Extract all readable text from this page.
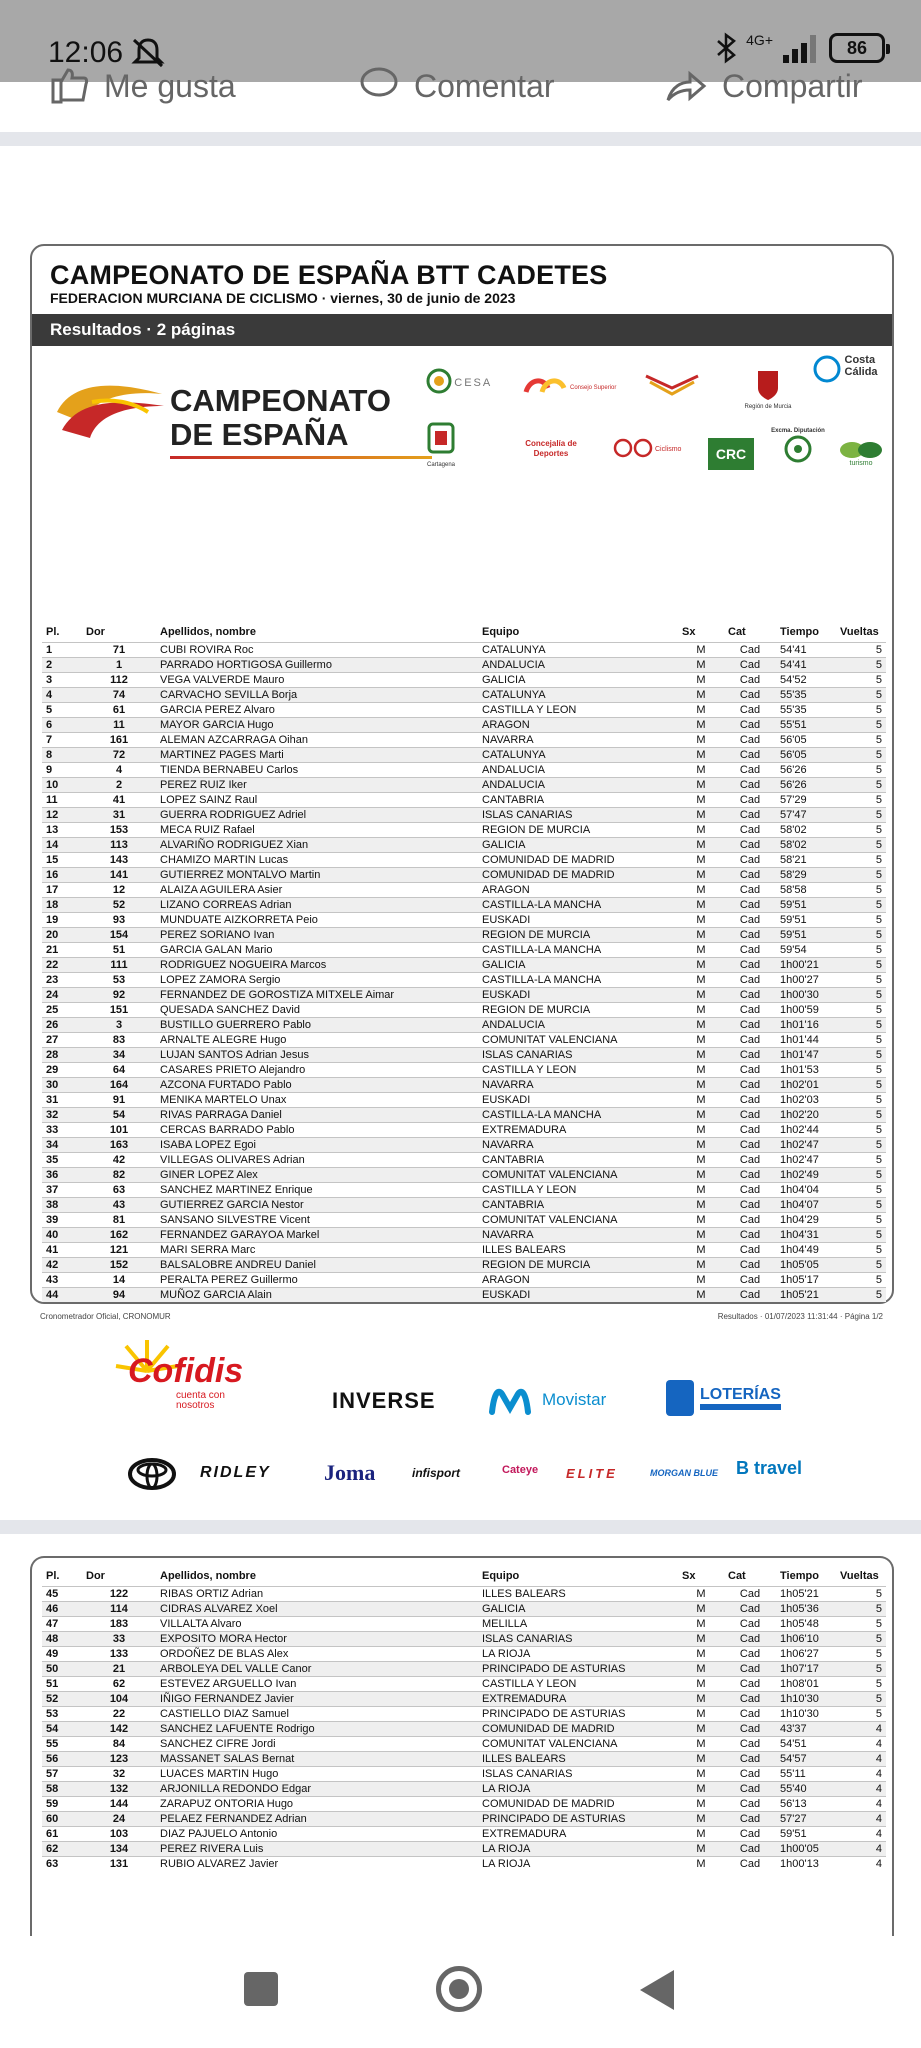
12:06	4G+	86
Me gusta	Comentar	Compartir
CAMPEONATO DE ESPAÑA BTT CADETES
FEDERACION MURCIANA DE CICLISMO · viernes, 30 de junio de 2023
Resultados · 2 páginas
CAMPEONATO
DE ESPAÑA
CESA	Consejo Superior
Región de Murcia
Costa Cálida
Cartagena
Concejalía de Deportes	Ciclismo	CRC
Excma. Diputación
turismo
Pl.	Dor	Apellidos, nombre	Equipo	Sx	Cat	Tiempo	Vueltas
1	71	CUBI ROVIRA Roc	CATALUNYA	M	Cad	54'41	5
2	1	PARRADO HORTIGOSA Guillermo	ANDALUCIA	M	Cad	54'41	5
3	112	VEGA VALVERDE Mauro	GALICIA	M	Cad	54'52	5
4	74	CARVACHO SEVILLA Borja	CATALUNYA	M	Cad	55'35	5
5	61	GARCIA PEREZ Alvaro	CASTILLA Y LEON	M	Cad	55'35	5
6	11	MAYOR GARCIA Hugo	ARAGON	M	Cad	55'51	5
7	161	ALEMAN AZCARRAGA Oihan	NAVARRA	M	Cad	56'05	5
8	72	MARTINEZ PAGES Marti	CATALUNYA	M	Cad	56'05	5
9	4	TIENDA BERNABEU Carlos	ANDALUCIA	M	Cad	56'26	5
10	2	PEREZ RUIZ Iker	ANDALUCIA	M	Cad	56'26	5
11	41	LOPEZ SAINZ Raul	CANTABRIA	M	Cad	57'29	5
12	31	GUERRA RODRIGUEZ Adriel	ISLAS CANARIAS	M	Cad	57'47	5
13	153	MECA RUIZ Rafael	REGION DE MURCIA	M	Cad	58'02	5
14	113	ALVARIÑO RODRIGUEZ Xian	GALICIA	M	Cad	58'02	5
15	143	CHAMIZO MARTIN Lucas	COMUNIDAD DE MADRID	M	Cad	58'21	5
16	141	GUTIERREZ MONTALVO Martin	COMUNIDAD DE MADRID	M	Cad	58'29	5
17	12	ALAIZA AGUILERA Asier	ARAGON	M	Cad	58'58	5
18	52	LIZANO CORREAS Adrian	CASTILLA-LA MANCHA	M	Cad	59'51	5
19	93	MUNDUATE AIZKORRETA Peio	EUSKADI	M	Cad	59'51	5
20	154	PEREZ SORIANO Ivan	REGION DE MURCIA	M	Cad	59'51	5
21	51	GARCIA GALAN Mario	CASTILLA-LA MANCHA	M	Cad	59'54	5
22	111	RODRIGUEZ NOGUEIRA Marcos	GALICIA	M	Cad	1h00'21	5
23	53	LOPEZ ZAMORA Sergio	CASTILLA-LA MANCHA	M	Cad	1h00'27	5
24	92	FERNANDEZ DE GOROSTIZA MITXELE Aimar	EUSKADI	M	Cad	1h00'30	5
25	151	QUESADA SANCHEZ David	REGION DE MURCIA	M	Cad	1h00'59	5
26	3	BUSTILLO GUERRERO Pablo	ANDALUCIA	M	Cad	1h01'16	5
27	83	ARNALTE ALEGRE Hugo	COMUNITAT VALENCIANA	M	Cad	1h01'44	5
28	34	LUJAN SANTOS Adrian Jesus	ISLAS CANARIAS	M	Cad	1h01'47	5
29	64	CASARES PRIETO Alejandro	CASTILLA Y LEON	M	Cad	1h01'53	5
30	164	AZCONA FURTADO Pablo	NAVARRA	M	Cad	1h02'01	5
31	91	MENIKA MARTELO Unax	EUSKADI	M	Cad	1h02'03	5
32	54	RIVAS PARRAGA Daniel	CASTILLA-LA MANCHA	M	Cad	1h02'20	5
33	101	CERCAS BARRADO Pablo	EXTREMADURA	M	Cad	1h02'44	5
34	163	ISABA LOPEZ Egoi	NAVARRA	M	Cad	1h02'47	5
35	42	VILLEGAS OLIVARES Adrian	CANTABRIA	M	Cad	1h02'47	5
36	82	GINER LOPEZ Alex	COMUNITAT VALENCIANA	M	Cad	1h02'49	5
37	63	SANCHEZ MARTINEZ Enrique	CASTILLA Y LEON	M	Cad	1h04'04	5
38	43	GUTIERREZ GARCIA Nestor	CANTABRIA	M	Cad	1h04'07	5
39	81	SANSANO SILVESTRE Vicent	COMUNITAT VALENCIANA	M	Cad	1h04'29	5
40	162	FERNANDEZ GARAYOA Markel	NAVARRA	M	Cad	1h04'31	5
41	121	MARI SERRA Marc	ILLES BALEARS	M	Cad	1h04'49	5
42	152	BALSALOBRE ANDREU Daniel	REGION DE MURCIA	M	Cad	1h05'05	5
43	14	PERALTA PEREZ Guillermo	ARAGON	M	Cad	1h05'17	5
44	94	MUÑOZ GARCIA Alain	EUSKADI	M	Cad	1h05'21	5
Cronometrador Oficial, CRONOMUR	Resultados · 01/07/2023 11:31:44 · Página 1/2
Cofidis
cuenta con nosotros	INVERSE	Movistar	LOTERÍAS
RIDLEY Joma	infisport	Cateye ELITE	MORGAN BLUE B travel
Pl.	Dor	Apellidos, nombre	Equipo	Sx	Cat	Tiempo	Vueltas
45	122	RIBAS ORTIZ Adrian	ILLES BALEARS	M	Cad	1h05'21	5
46	114	CIDRAS ALVAREZ Xoel	GALICIA	M	Cad	1h05'36	5
47	183	VILLALTA Alvaro	MELILLA	M	Cad	1h05'48	5
48	33	EXPOSITO MORA Hector	ISLAS CANARIAS	M	Cad	1h06'10	5
49	133	ORDOÑEZ DE BLAS Alex	LA RIOJA	M	Cad	1h06'27	5
50	21	ARBOLEYA DEL VALLE Canor	PRINCIPADO DE ASTURIAS	M	Cad	1h07'17	5
51	62	ESTEVEZ ARGUELLO Ivan	CASTILLA Y LEON	M	Cad	1h08'01	5
52	104	IÑIGO FERNANDEZ Javier	EXTREMADURA	M	Cad	1h10'30	5
53	22	CASTIELLO DIAZ Samuel	PRINCIPADO DE ASTURIAS	M	Cad	1h10'30	5
54	142	SANCHEZ LAFUENTE Rodrigo	COMUNIDAD DE MADRID	M	Cad	43'37	4
55	84	SANCHEZ CIFRE Jordi	COMUNITAT VALENCIANA	M	Cad	54'51	4
56	123	MASSANET SALAS Bernat	ILLES BALEARS	M	Cad	54'57	4
57	32	LUACES MARTIN Hugo	ISLAS CANARIAS	M	Cad	55'11	4
58	132	ARJONILLA REDONDO Edgar	LA RIOJA	M	Cad	55'40	4
59	144	ZARAPUZ ONTORIA Hugo	COMUNIDAD DE MADRID	M	Cad	56'13	4
60	24	PELAEZ FERNANDEZ Adrian	PRINCIPADO DE ASTURIAS	M	Cad	57'27	4
61	103	DIAZ PAJUELO Antonio	EXTREMADURA	M	Cad	59'51	4
62	134	PEREZ RIVERA Luis	LA RIOJA	M	Cad	1h00'05	4
63	131	RUBIO ALVAREZ Javier	LA RIOJA	M	Cad	1h00'13	4
